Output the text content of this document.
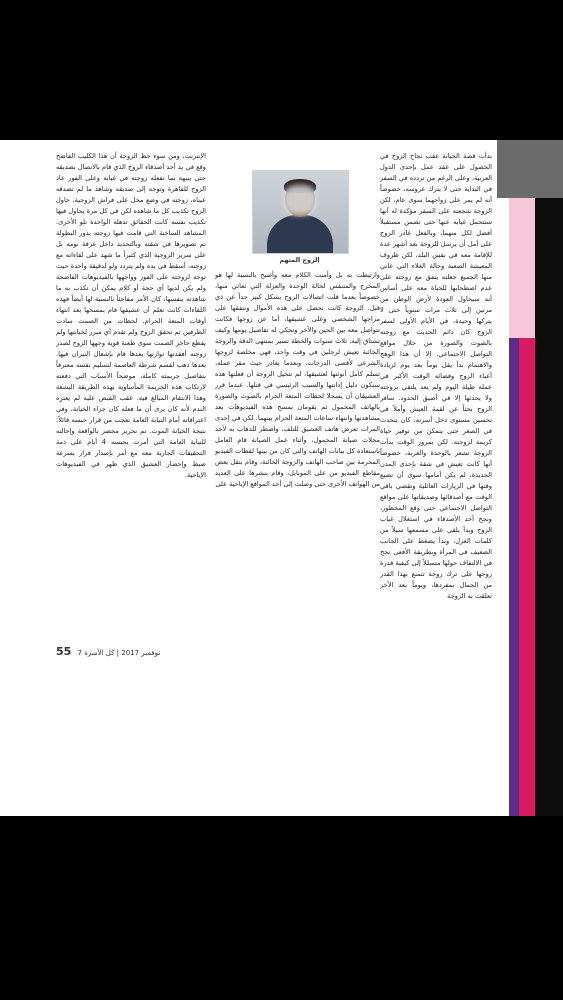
بدأت قصة الخيانة عقب نجاح الزوج في الحصول على عقد عمل بإحدى الدول العربية، وعلى الرغم من تردده في السفر في البداية حتى لا يترك عروسه، خصوصاً أنه لم يمر على زواجهما سوى عام، لكن الزوجة شجعته على السفر مؤكدة له أنها ستتحمل غيابه عنها حتى تضمن مستقبلاً أفضل لكل منهما، وبالفعل غادر الزوج على أمل أن يرسل للزوجة بعد أشهر عدة للإقامة معه في نفس البلد، لكن ظروف المعيشة الصعبة وحالة الغلاء التي عاني منها الجميع جعلته يتفق مع زوجته على عدم اصطحابها للحياة معه على أساس أنه سيحاول العودة لأرض الوطن من مرتين إلى ثلاث مرات سنوياً حتى لا يتركها وحيدة. في الأيام الأولى لسفر الزوج كان دائم الحديث مع زوجته بالصوت والصورة من خلال مواقع التواصل الاجتماعي. إلا أن هذا الوهج والاهتمام بدأ يقل يوماً بعد يوم لزيادة أعباء الزوج وقضائه الوقت الأكبر في عمله طيلة اليوم ولم يعد يلتقي بزوجته ولا يحدثها إلا في أضيق الحدود. سافر الزوج بحثاً عن لقمة العيش وأملاً في تحسين مستوى دخل أسرته، كان يتحدث في الصغر حتى يتمكن من توفير حياة كريمة لزوجته. لكن بمرور الوقت بدأت الزوجة تشعر بالوحدة والغربة، خصوصاً أنها كانت تعيش في شقة بإحدى المدن الجديدة، لم يكن أمامها سوى أن تضيع وقتها في الزيارات العائلية وتقضي باقي الوقت مع أصدقائها وصديقاتها على مواقع التواصل الاجتماعي حتى وقع المحظور، ونجح أحد الأصدقاء في استغلال غياب الزوج وبدأ يلقي على مسمعها سيلاً من كلمات الغزل، وبدأ يضغط على الجانب الضعيف في المرأة وبطريقة الأفعى نجح في الالتفاف حولها متسللاً إلى كيفية قدرة زوجها على ترك زوجة تتمنع بهذا القدر من الجمال بمفردها، ويوماً بعد الآخر تعلقت به الزوجة

الزوج المتهم

وارتبطت به بل وأمنت الكلام معه وأصبح بالنسبة لها هو المخرج والمتنفس لحالة الوحدة والعزلة التي تعاني منها، خصوصاً بعدما قلت اتصالات الزوج بشكل كبير جداً عن ذي قبل. الزوجة كانت تحصل على هذه الأموال وتنفقها على مزاجها الشخصي وعلى عشيقها، أما عن زوجها فكانت تتواصل معه بين الحين والآخر وتحكي له تفاصيل يومها وكيف تشتاق إليه. ثلاث سنوات والخطة تسير بمنتهى الدقة والزوجة الخائنة تعيش لرجلين في وقت واحد، فهي مخلصة لزوجها الشرعي لأقصى الدرجات، وبعدما يغادر حيث مقر عمله، تسلم كامل أنوثتها لعشيقها. لم تتخيل الزوجة أن فعلتها هذه ستكون دليل إدانتها والسبب الرئيسي في قتلها. عندما قرر العشيقان أن يسجلا لحظات المتعة الحرام بالصوت والصورة بالهاتف المحمول ثم يقومان بمسح هذه الفيديوهات بعد مشاهدتها وانتهاء ساعات المتعة الحرام بينهما. لكن في إحدى المرات تعرض هاتف العشيق للتلف، واضطر للذهاب به لأحد محلات صيانة المحمول، وأثناء عمل الصيانة قام العامل باستعادة كل بيانات الهاتف والتي كان من بينها لقطات الفيديو المحرمة بين صاحب الهاتف والزوجة الخائنة، وقام بنقل بعض مقاطع الفيديو من على الموبايل، وقام بنشرها على العديد من الهواتف الأخرى حتى وصلت إلى أحد المواقع الإباحية على

الإنترنت، ومن سوء حظ الزوجة أن هذا الكليب الفاضح وقع في يد أحد أصدقاء الزوج الذي قام بالاتصال بصديقه حتى ينبهه بما تفعله زوجته في غيابه وعلى الفور عاد الزوج للقاهرة وتوجه إلى صديقه وشاهد ما لم تصدقه عيناه، زوجته في وضع مخل على فراش الزوجية. حاول الزوج تكذيب كل ما شاهده لكن في كل مرة يحاول فيها تكذيب نفسه كانت الحقائق تذهله الواحدة تلو الأخرى. المشاهد الساخنة التي قامت فيها زوجته بدور البطولة تم تصويرها في شقته وبالتحديد داخل غرفة نومه بل على سرير الزوجية الذي كثيراً ما شهد على لقاءاته مع زوجته، أسقط في يده ولم يتردد ولو لدقيقة واحدة حيث توجه لزوجته على الفور وواجهها بالفيديوهات الفاضحة ولم يكن لديها أي حجة أو كلام يمكن أن تكذب به ما شاهدته بنفسها، كان الأمر مفاجئاً بالنسبة لها أيضاً فهذه اللقاءات كانت تعلم أن عشيقها قام بمسحها بعد انتهاء أوقات المتعة الحرام. لحظات من الصمت سادت الطرفين ثم تحقق الزوج ولم تقدم أي مبرر لخيانتها ولم يقطع حاجز الصمت سوى طعنة قوية وجهها الزوج لصدر زوجته أفقدتها توازنها بعدها قام بإشعال النيران فيها. بعدها ذهب لقسم شرطة العاصمة لتسليم نفسه معترفاً بتفاصيل جريمته كاملة، موضحاً الأسباب التي دفعته لارتكاب هذه الجريمة المأساوية بهذه الطريقة البشعة وهذا الانتقام المبالغ فيه. عقب القبض عليه لم يعترِه الندم لأنه كان يرى أن ما فعله كان جزاء الخيانة، وفي اعترافاته أمام النيابة العامة تعجب من قرار حبسه قائلاً: نتيجة الخيانة الموت. تم تحرير محضر بالواقعة وإحالته للنيابة العامة التي أمرت بحبسه 4 أيام على ذمة التحقيقات الجارية معه مع أمر بإصدار قرار بسرعة ضبط وإحضار العشيق الذي ظهر في الفيديوهات الإباحية.

55 7 نوفمبر 2017 | كل الأسرة
